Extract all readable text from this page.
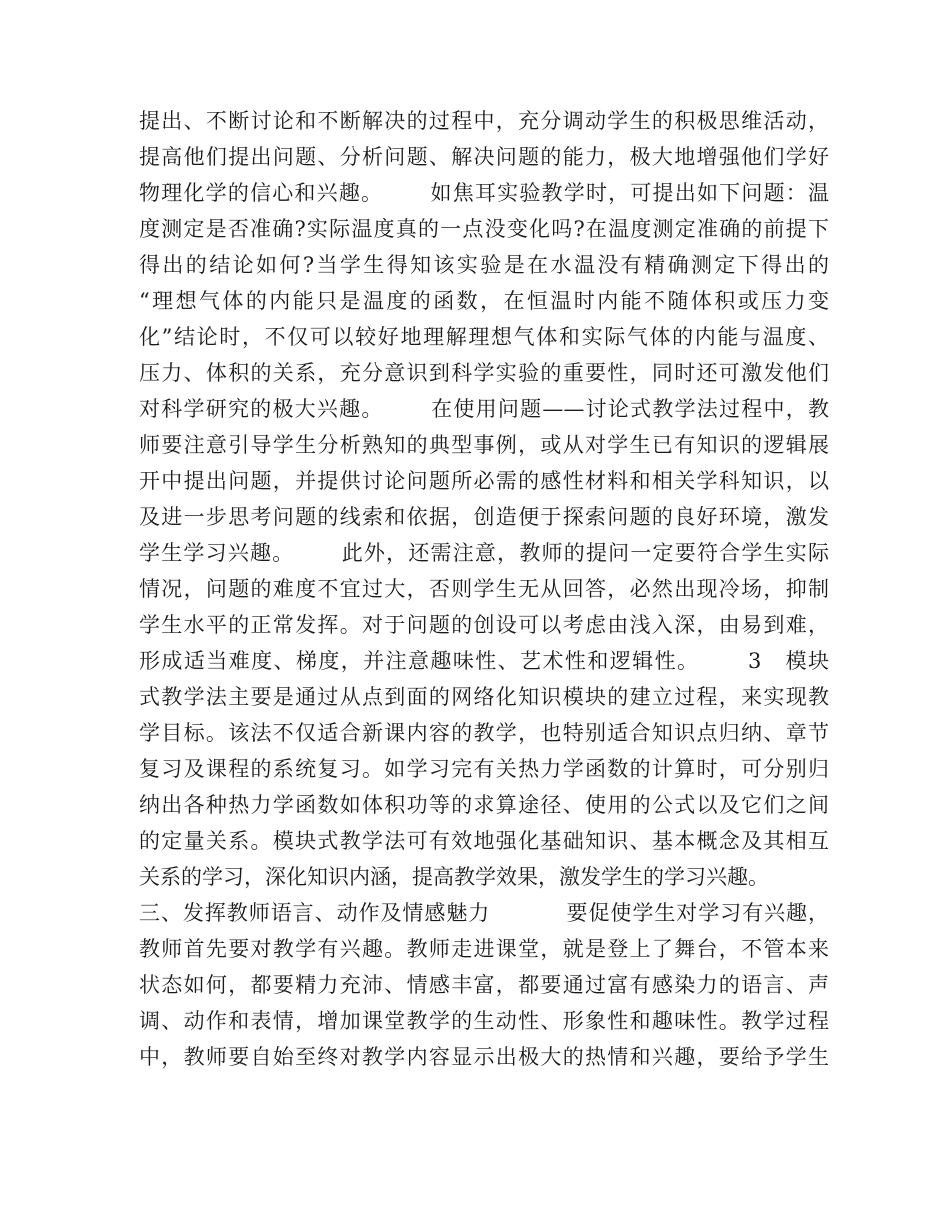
提出、不断讨论和不断解决的过程中，充分调动学生的积极思维活动，
提高他们提出问题、分析问题、解决问题的能力，极大地增强他们学好
物理化学的信心和兴趣。      如焦耳实验教学时，可提出如下问题：温
度测定是否准确?实际温度真的一点没变化吗?在温度测定准确的前提下
得出的结论如何?当学生得知该实验是在水温没有精确测定下得出的
“理想气体的内能只是温度的函数，在恒温时内能不随体积或压力变
化”结论时，不仅可以较好地理解理想气体和实际气体的内能与温度、
压力、体积的关系，充分意识到科学实验的重要性，同时还可激发他们
对科学研究的极大兴趣。      在使用问题——讨论式教学法过程中，教
师要注意引导学生分析熟知的典型事例，或从对学生已有知识的逻辑展
开中提出问题，并提供讨论问题所必需的感性材料和相关学科知识，以
及进一步思考问题的线索和依据，创造便于探索问题的良好环境，激发
学生学习兴趣。      此外，还需注意，教师的提问一定要符合学生实际
情况，问题的难度不宜过大，否则学生无从回答，必然出现冷场，抑制
学生水平的正常发挥。对于问题的创设可以考虑由浅入深，由易到难，
形成适当难度、梯度，并注意趣味性、艺术性和逻辑性。      3   模块
式教学法主要是通过从点到面的网络化知识模块的建立过程，来实现教
学目标。该法不仅适合新课内容的教学，也特别适合知识点归纳、章节
复习及课程的系统复习。如学习完有关热力学函数的计算时，可分别归
纳出各种热力学函数如体积功等的求算途径、使用的公式以及它们之间
的定量关系。模块式教学法可有效地强化基础知识、基本概念及其相互
关系的学习，深化知识内涵，提高教学效果，激发学生的学习兴趣。
三、发挥教师语言、动作及情感魅力          要促使学生对学习有兴趣，
教师首先要对教学有兴趣。教师走进课堂，就是登上了舞台，不管本来
状态如何，都要精力充沛、情感丰富，都要通过富有感染力的语言、声
调、动作和表情，增加课堂教学的生动性、形象性和趣味性。教学过程
中，教师要自始至终对教学内容显示出极大的热情和兴趣，要给予学生
